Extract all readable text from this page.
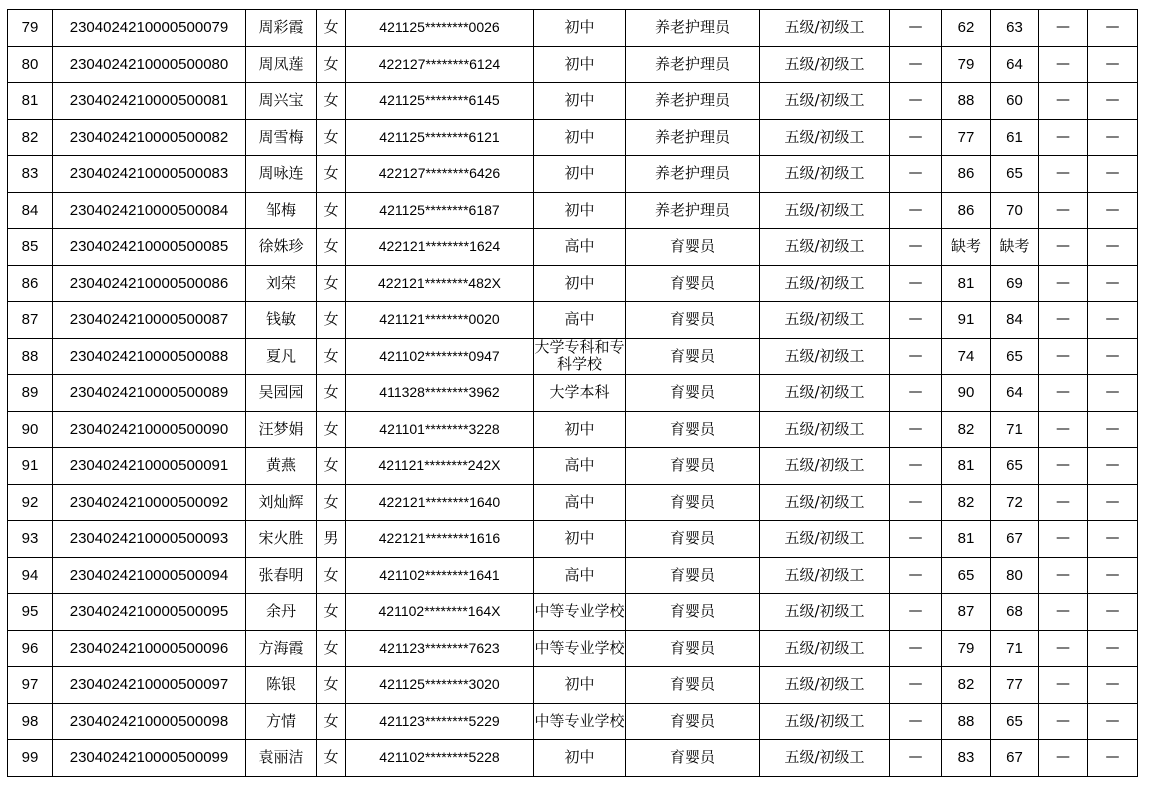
79	2304024210000500079	周彩霞	女	421125********0026	初中	养老护理员	五级/初级工	—	62	63	—	—
80	2304024210000500080	周凤莲	女	422127********6124	初中	养老护理员	五级/初级工	—	79	64	—	—
81	2304024210000500081	周兴宝	女	421125********6145	初中	养老护理员	五级/初级工	—	88	60	—	—
82	2304024210000500082	周雪梅	女	421125********6121	初中	养老护理员	五级/初级工	—	77	61	—	—
83	2304024210000500083	周咏连	女	422127********6426	初中	养老护理员	五级/初级工	—	86	65	—	—
84	2304024210000500084	邹梅	女	421125********6187	初中	养老护理员	五级/初级工	—	86	70	—	—
85	2304024210000500085	徐姝珍	女	422121********1624	高中	育婴员	五级/初级工	—	缺考	缺考	—	—
86	2304024210000500086	刘荣	女	422121********482X	初中	育婴员	五级/初级工	—	81	69	—	—
87	2304024210000500087	钱敏	女	421121********0020	高中	育婴员	五级/初级工	—	91	84	—	—
88	2304024210000500088	夏凡	女	421102********0947	大学专科和专科学校	育婴员	五级/初级工	—	74	65	—	—
89	2304024210000500089	吴园园	女	411328********3962	大学本科	育婴员	五级/初级工	—	90	64	—	—
90	2304024210000500090	汪梦娟	女	421101********3228	初中	育婴员	五级/初级工	—	82	71	—	—
91	2304024210000500091	黄燕	女	421121********242X	高中	育婴员	五级/初级工	—	81	65	—	—
92	2304024210000500092	刘灿辉	女	422121********1640	高中	育婴员	五级/初级工	—	82	72	—	—
93	2304024210000500093	宋火胜	男	422121********1616	初中	育婴员	五级/初级工	—	81	67	—	—
94	2304024210000500094	张春明	女	421102********1641	高中	育婴员	五级/初级工	—	65	80	—	—
95	2304024210000500095	余丹	女	421102********164X	中等专业学校	育婴员	五级/初级工	—	87	68	—	—
96	2304024210000500096	方海霞	女	421123********7623	中等专业学校	育婴员	五级/初级工	—	79	71	—	—
97	2304024210000500097	陈银	女	421125********3020	初中	育婴员	五级/初级工	—	82	77	—	—
98	2304024210000500098	方情	女	421123********5229	中等专业学校	育婴员	五级/初级工	—	88	65	—	—
99	2304024210000500099	袁丽洁	女	421102********5228	初中	育婴员	五级/初级工	—	83	67	—	—
